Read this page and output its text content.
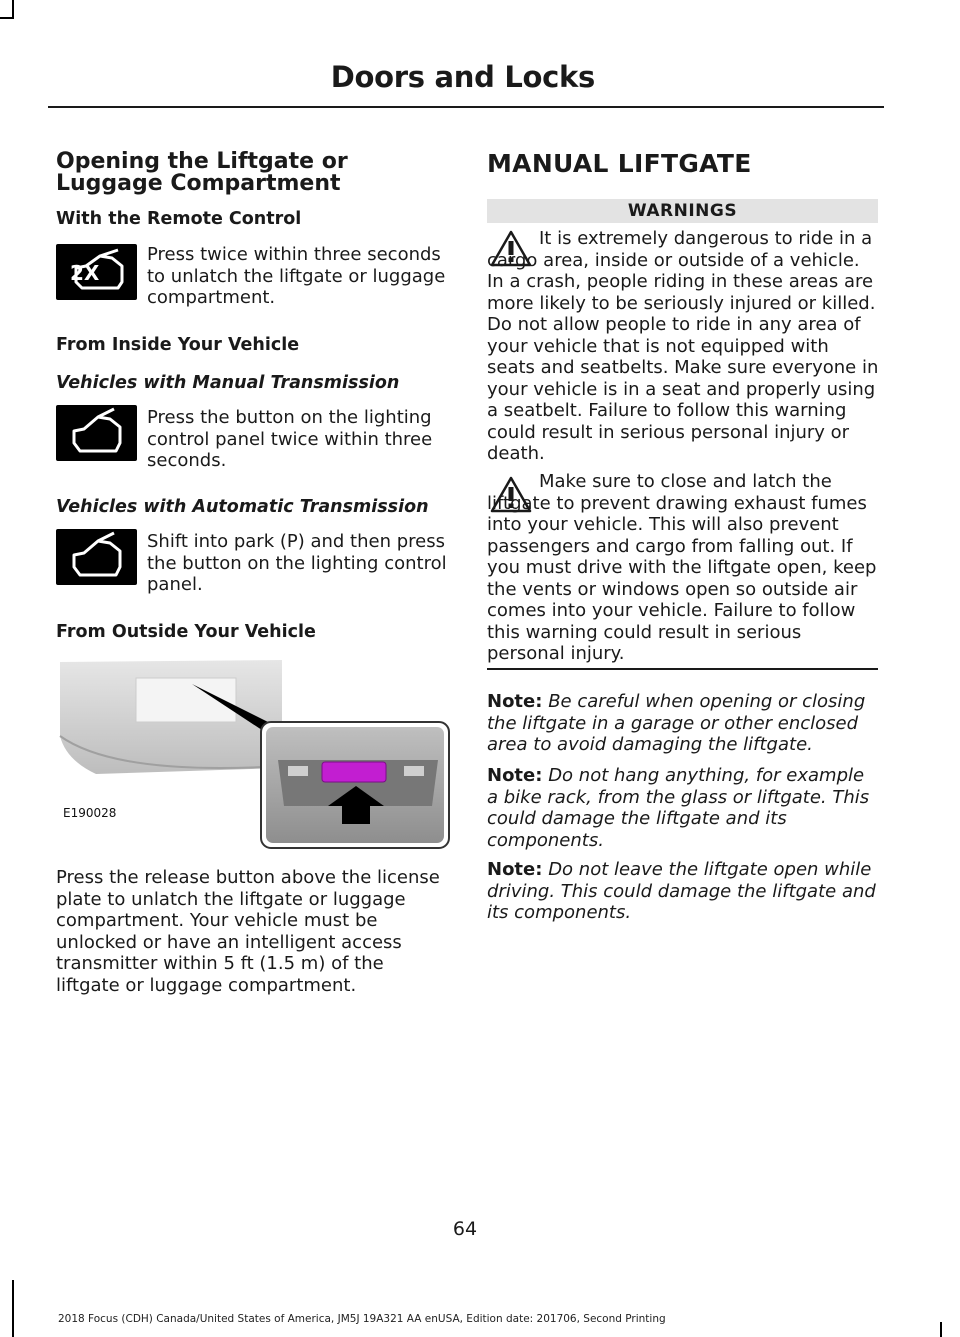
Doors and Locks
Opening the Liftgate or Luggage Compartment
With the Remote Control
2X
Press twice within three seconds to unlatch the liftgate or luggage compartment.
From Inside Your Vehicle
Vehicles with Manual Transmission
Press the button on the lighting control panel twice within three seconds.
Vehicles with Automatic Transmission
Shift into park (P) and then press the button on the lighting control panel.
From Outside Your Vehicle
E190028
Press the release button above the license plate to unlatch the liftgate or luggage compartment. Your vehicle must be unlocked or have an intelligent access transmitter within 5 ft (1.5 m) of the liftgate or luggage compartment.
MANUAL LIFTGATE
WARNINGS
It is extremely dangerous to ride in a cargo area, inside or outside of a vehicle. In a crash, people riding in these areas are more likely to be seriously injured or killed. Do not allow people to ride in any area of your vehicle that is not equipped with seats and seatbelts. Make sure everyone in your vehicle is in a seat and properly using a seatbelt. Failure to follow this warning could result in serious personal injury or death.
Make sure to close and latch the liftgate to prevent drawing exhaust fumes into your vehicle. This will also prevent passengers and cargo from falling out. If you must drive with the liftgate open, keep the vents or windows open so outside air comes into your vehicle. Failure to follow this warning could result in serious personal injury.
Note: Be careful when opening or closing the liftgate in a garage or other enclosed area to avoid damaging the liftgate.
Note: Do not hang anything, for example a bike rack, from the glass or liftgate. This could damage the liftgate and its components.
Note: Do not leave the liftgate open while driving. This could damage the liftgate and its components.
64
2018 Focus (CDH) Canada/United States of America, JM5J 19A321 AA enUSA, Edition date: 201706, Second Printing
